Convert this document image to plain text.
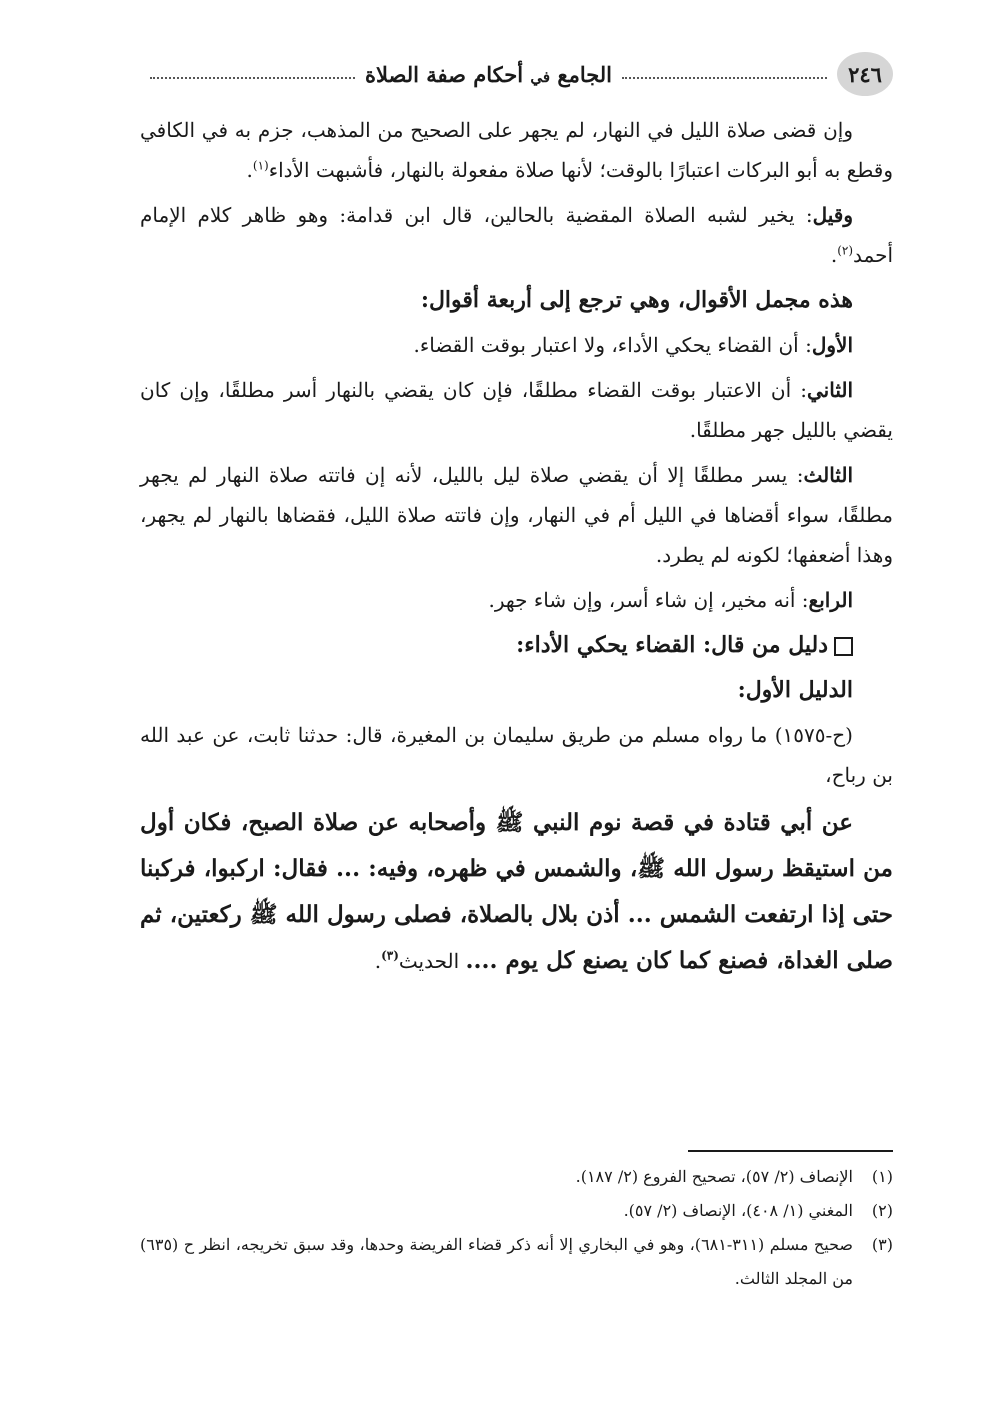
٢٤٦
الجامع في أحكام صفة الصلاة

وإن قضى صلاة الليل في النهار، لم يجهر على الصحيح من المذهب، جزم به في الكافي وقطع به أبو البركات اعتبارًا بالوقت؛ لأنها صلاة مفعولة بالنهار، فأشبهت الأداء$^{(١)}$.

وقيل: يخير لشبه الصلاة المقضية بالحالين، قال ابن قدامة: وهو ظاهر كلام الإمام أحمد$^{(٢)}$.

هذه مجمل الأقوال، وهي ترجع إلى أربعة أقوال:

الأول: أن القضاء يحكي الأداء، ولا اعتبار بوقت القضاء.

الثاني: أن الاعتبار بوقت القضاء مطلقًا، فإن كان يقضي بالنهار أسر مطلقًا، وإن كان يقضي بالليل جهر مطلقًا.

الثالث: يسر مطلقًا إلا أن يقضي صلاة ليل بالليل، لأنه إن فاتته صلاة النهار لم يجهر مطلقًا، سواء أقضاها في الليل أم في النهار، وإن فاتته صلاة الليل، فقضاها بالنهار لم يجهر، وهذا أضعفها؛ لكونه لم يطرد.

الرابع: أنه مخير، إن شاء أسر، وإن شاء جهر.

دليل من قال: القضاء يحكي الأداء:

الدليل الأول:

(ح-١٥٧٥) ما رواه مسلم من طريق سليمان بن المغيرة، قال: حدثنا ثابت، عن عبد الله بن رباح،

عن أبي قتادة في قصة نوم النبي ﷺ وأصحابه عن صلاة الصبح، فكان أول من استيقظ رسول الله ﷺ، والشمس في ظهره، وفيه: ... فقال: اركبوا، فركبنا حتى إذا ارتفعت الشمس ... أذن بلال بالصلاة، فصلى رسول الله ﷺ ركعتين، ثم صلى الغداة، فصنع كما كان يصنع كل يوم .... الحديث$^{(٣)}$.

(١)
الإنصاف (٢/ ٥٧)، تصحيح الفروع (٢/ ١٨٧).
(٢)
المغني (١/ ٤٠٨)، الإنصاف (٢/ ٥٧).
(٣)
صحيح مسلم (٣١١-٦٨١)، وهو في البخاري إلا أنه ذكر قضاء الفريضة وحدها، وقد سبق تخريجه، انظر ح (٦٣٥) من المجلد الثالث.
